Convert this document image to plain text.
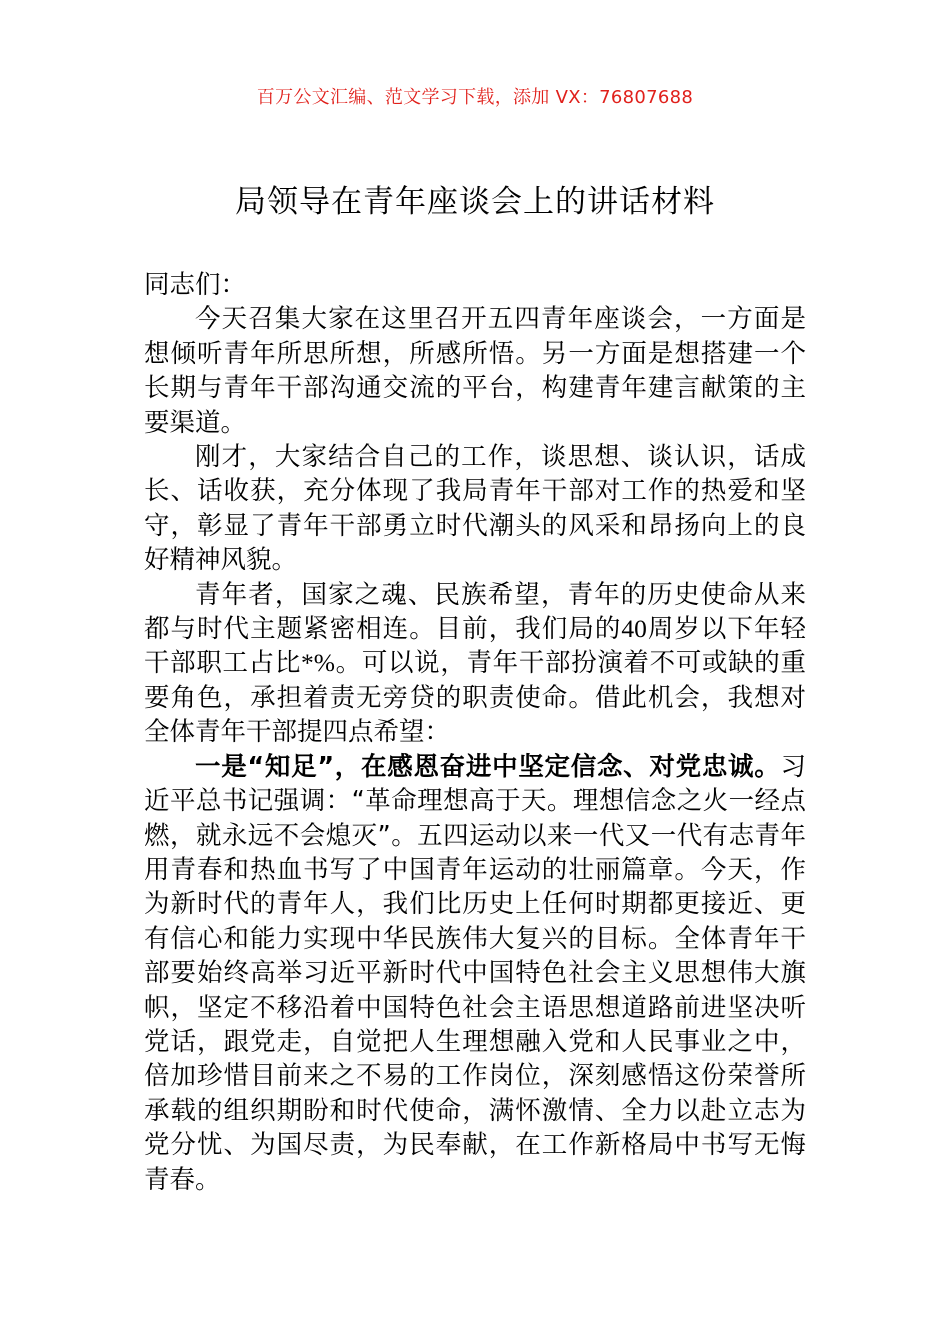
百万公文汇编、范文学习下载，添加 VX：76807688
局领导在青年座谈会上的讲话材料

同志们：

今天召集大家在这里召开五四青年座谈会，一方面是想倾听青年所思所想，所感所悟。另一方面是想搭建一个长期与青年干部沟通交流的平台，构建青年建言献策的主要渠道。

刚才，大家结合自己的工作，谈思想、谈认识，话成长、话收获，充分体现了我局青年干部对工作的热爱和坚守，彰显了青年干部勇立时代潮头的风采和昂扬向上的良好精神风貌。

青年者，国家之魂、民族希望，青年的历史使命从来都与时代主题紧密相连。目前，我们局的40周岁以下年轻干部职工占比*%。可以说，青年干部扮演着不可或缺的重要角色，承担着责无旁贷的职责使命。借此机会，我想对全体青年干部提四点希望：

一是“知足”，在感恩奋进中坚定信念、对党忠诚。习近平总书记强调：“革命理想高于天。理想信念之火一经点燃，就永远不会熄灭”。五四运动以来一代又一代有志青年用青春和热血书写了中国青年运动的壮丽篇章。今天，作为新时代的青年人，我们比历史上任何时期都更接近、更有信心和能力实现中华民族伟大复兴的目标。全体青年干部要始终高举习近平新时代中国特色社会主义思想伟大旗帜，坚定不移沿着中国特色社会主语思想道路前进坚决听党话，跟党走，自觉把人生理想融入党和人民事业之中，倍加珍惜目前来之不易的工作岗位，深刻感悟这份荣誉所承载的组织期盼和时代使命，满怀激情、全力以赴立志为党分忧、为国尽责，为民奉献，在工作新格局中书写无悔青春。
